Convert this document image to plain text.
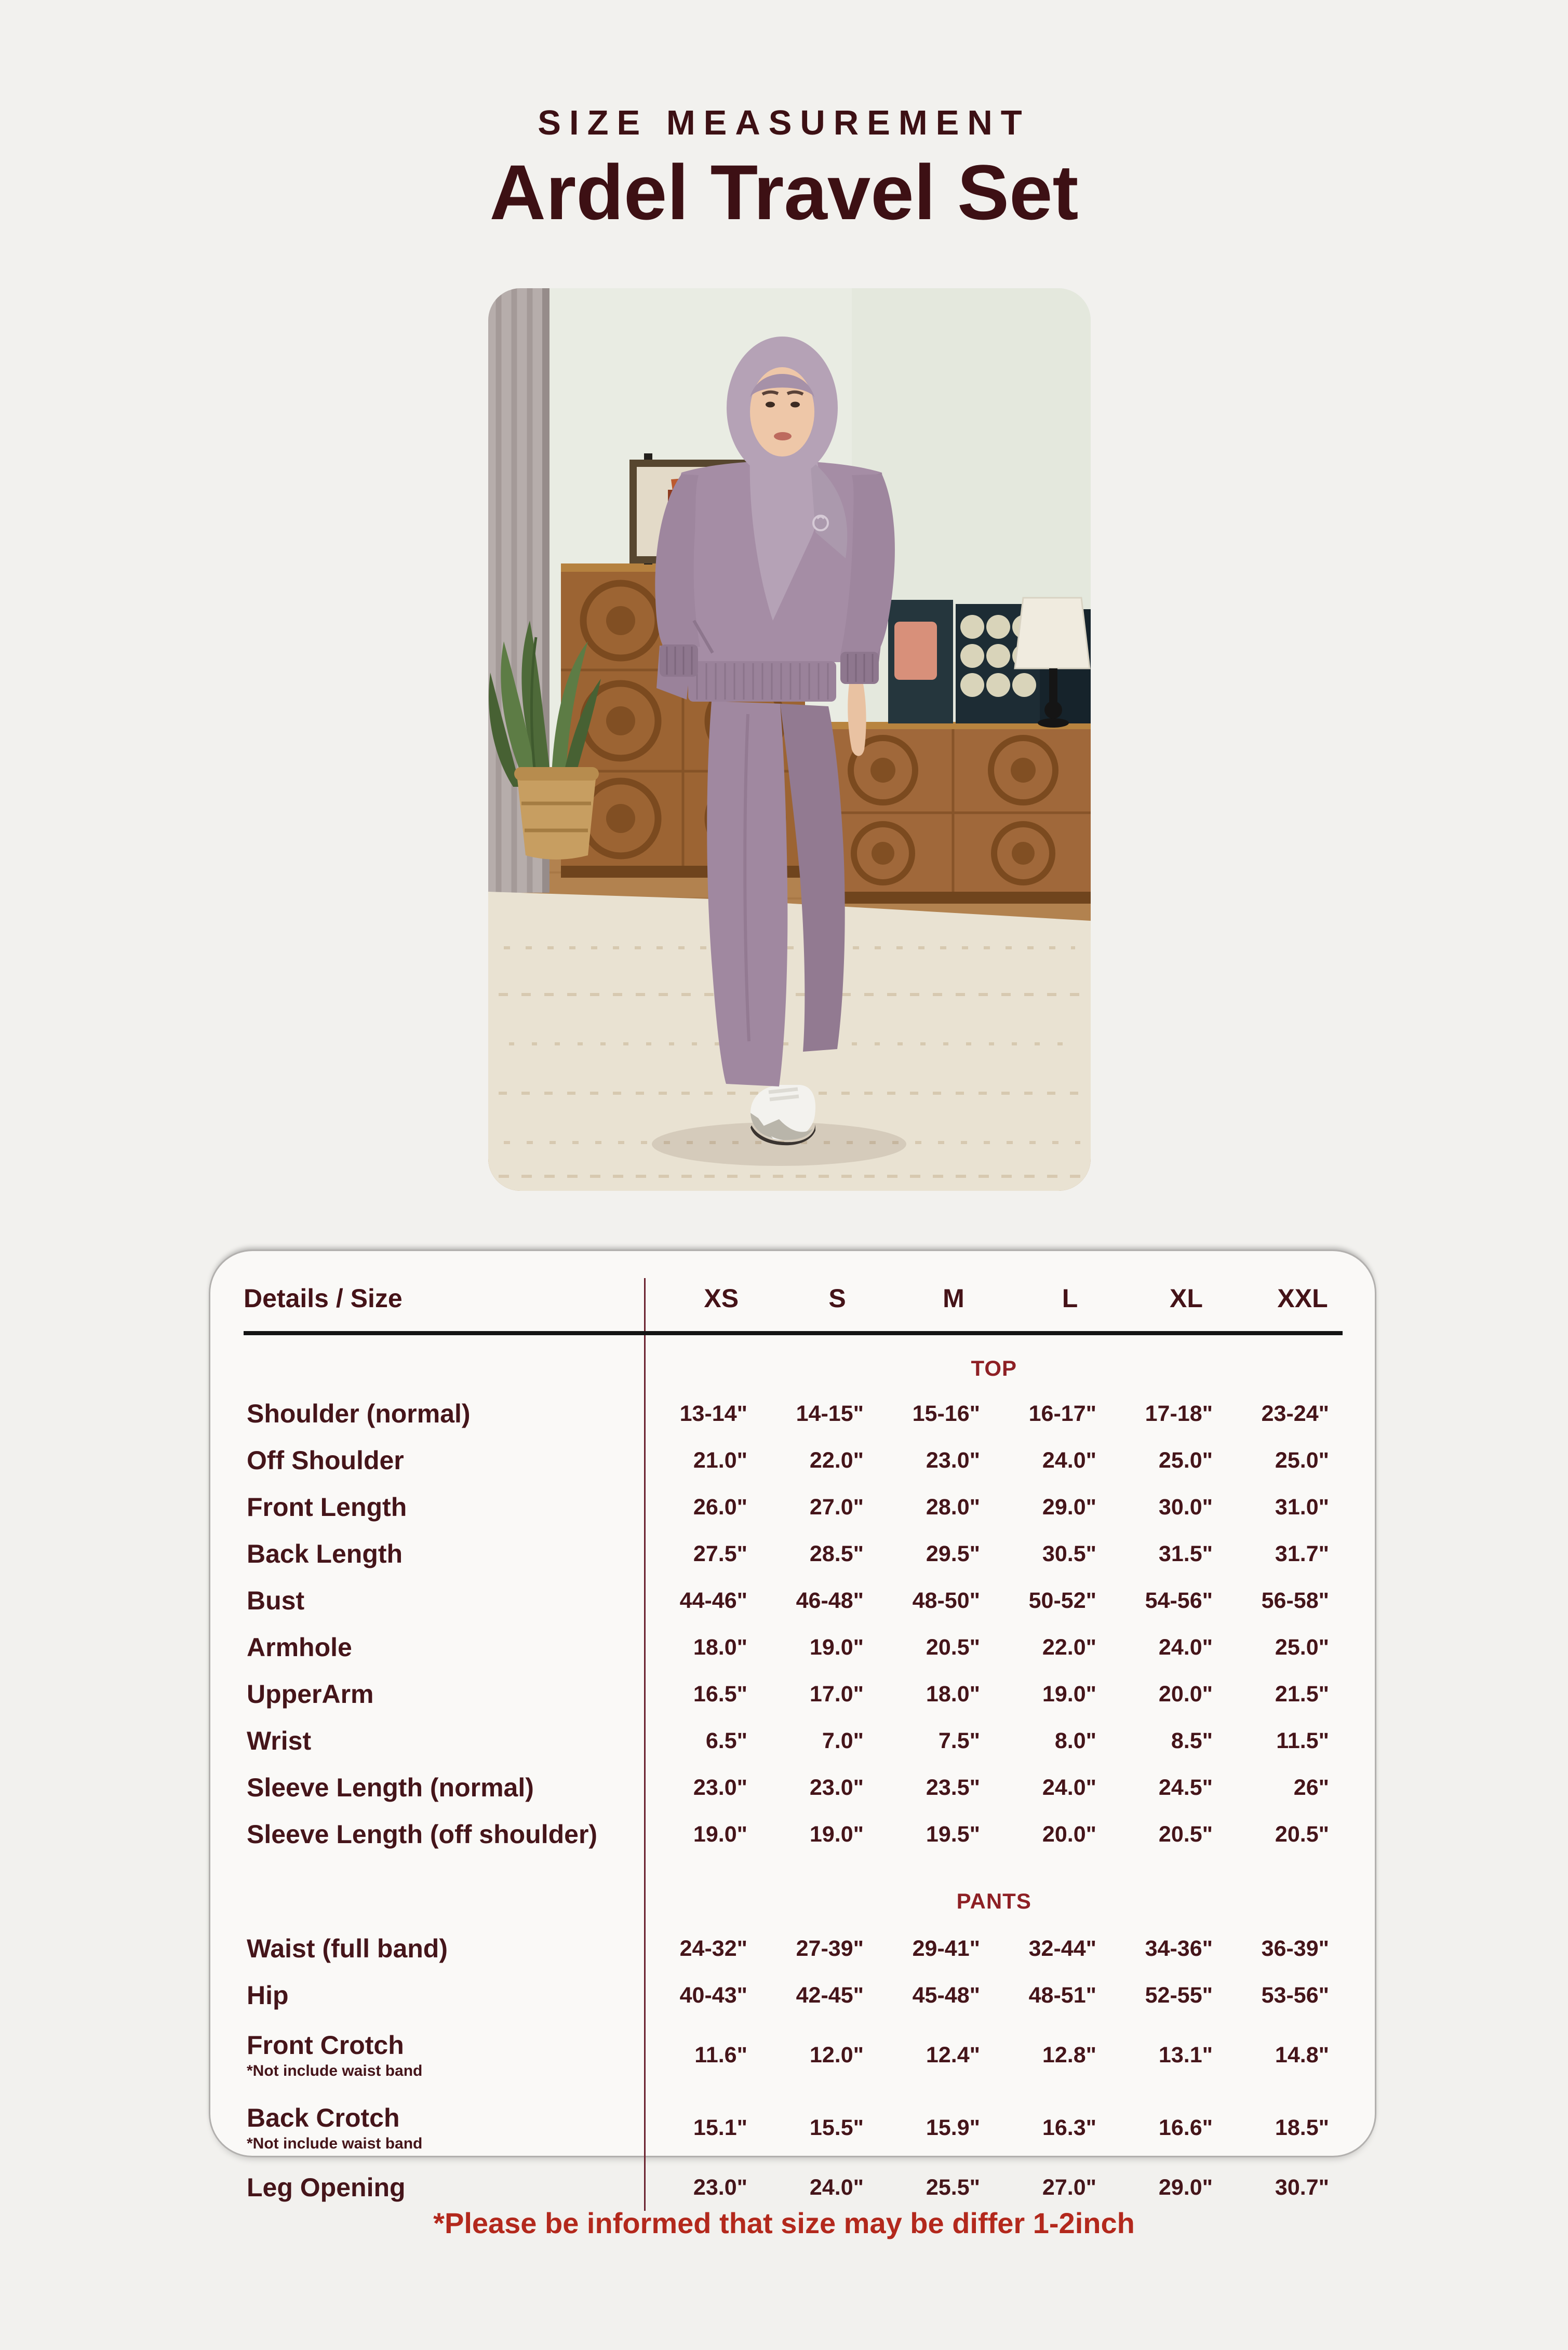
SIZE MEASUREMENT
Ardel Travel Set
Details / Size	XS	S	M	L	XL	XXL
	TOP					

Shoulder (normal)	13-14"	14-15"	15-16"	16-17"	17-18"	23-24"

Off Shoulder	21.0"	22.0"	23.0"	24.0"	25.0"	25.0"

Front Length	26.0"	27.0"	28.0"	29.0"	30.0"	31.0"

Back Length	27.5"	28.5"	29.5"	30.5"	31.5"	31.7"

Bust	44-46"	46-48"	48-50"	50-52"	54-56"	56-58"

Armhole	18.0"	19.0"	20.5"	22.0"	24.0"	25.0"

UpperArm	16.5"	17.0"	18.0"	19.0"	20.0"	21.5"

Wrist	6.5"	7.0"	7.5"	8.0"	8.5"	11.5"

Sleeve Length (normal)	23.0"	23.0"	23.5"	24.0"	24.5"	26"

Sleeve Length (off shoulder)	19.0"	19.0"	19.5"	20.0"	20.5"	20.5"
	PANTS					

Waist (full band)	24-32"	27-39"	29-41"	32-44"	34-36"	36-39"

Hip	40-43"	42-45"	45-48"	48-51"	52-55"	53-56"

Front Crotch
*Not include waist band	11.6"	12.0"	12.4"	12.8"	13.1"	14.8"

Back Crotch
*Not include waist band	15.1"	15.5"	15.9"	16.3"	16.6"	18.5"

Leg Opening	23.0"	24.0"	25.5"	27.0"	29.0"	30.7"
*Please be informed that size may be differ 1-2inch
